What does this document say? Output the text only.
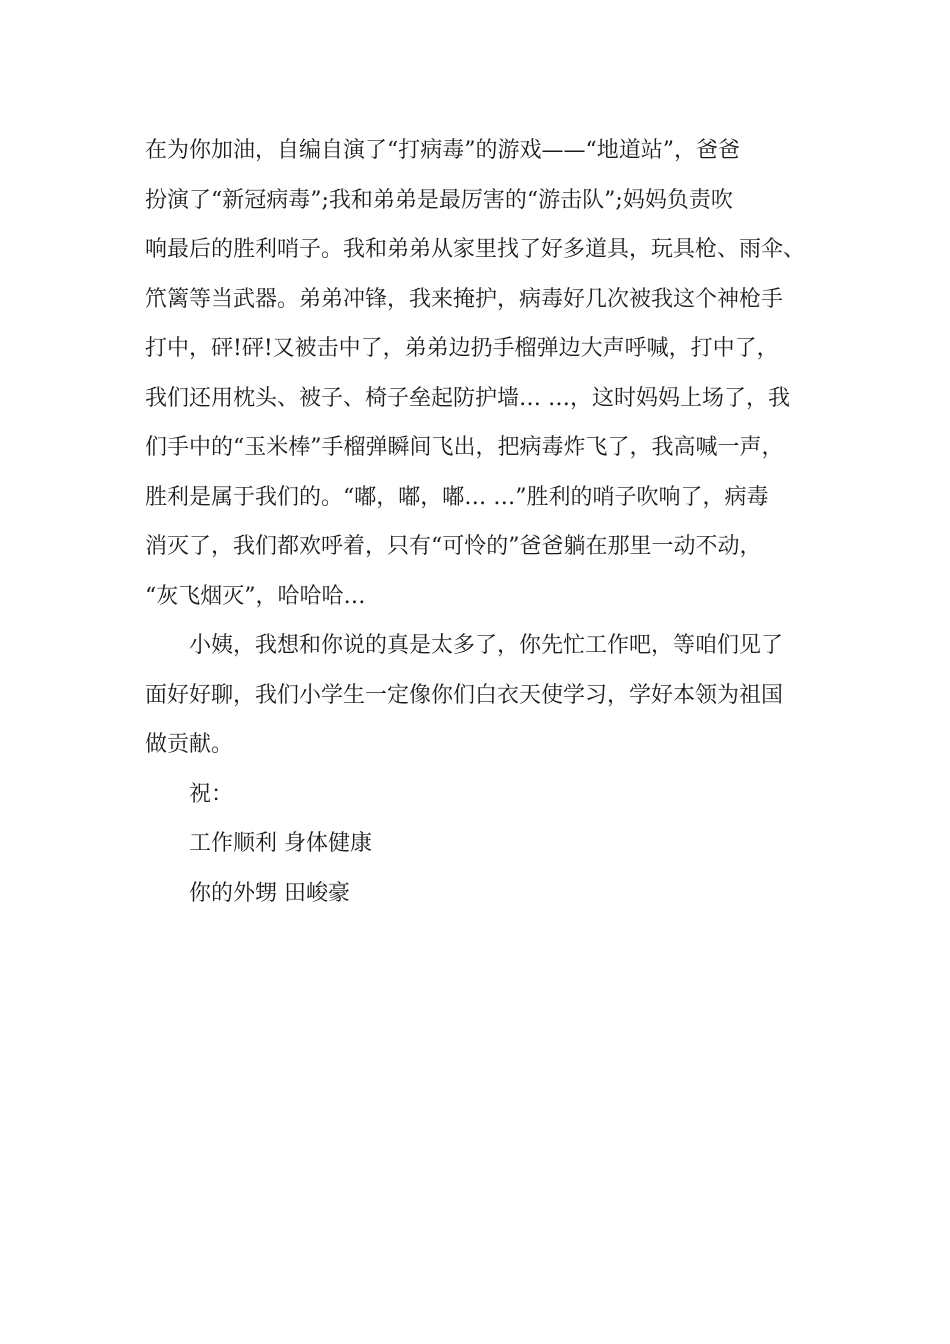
在为你加油，自编自演了“打病毒”的游戏——“地道站”，爸爸
扮演了“新冠病毒”;我和弟弟是最厉害的“游击队”;妈妈负责吹
响最后的胜利哨子。我和弟弟从家里找了好多道具，玩具枪、雨伞、
笊篱等当武器。弟弟冲锋，我来掩护，病毒好几次被我这个神枪手
打中，砰!砰!又被击中了，弟弟边扔手榴弹边大声呼喊，打中了，
我们还用枕头、被子、椅子垒起防护墙… …，这时妈妈上场了，我
们手中的“玉米棒”手榴弹瞬间飞出，把病毒炸飞了，我高喊一声，
胜利是属于我们的。“嘟，嘟，嘟… …”胜利的哨子吹响了，病毒
消灭了，我们都欢呼着，只有“可怜的”爸爸躺在那里一动不动，
“灰飞烟灭”，哈哈哈…
小姨，我想和你说的真是太多了，你先忙工作吧，等咱们见了
面好好聊，我们小学生一定像你们白衣天使学习，学好本领为祖国
做贡献。
祝：
工作顺利 身体健康
你的外甥 田峻豪
